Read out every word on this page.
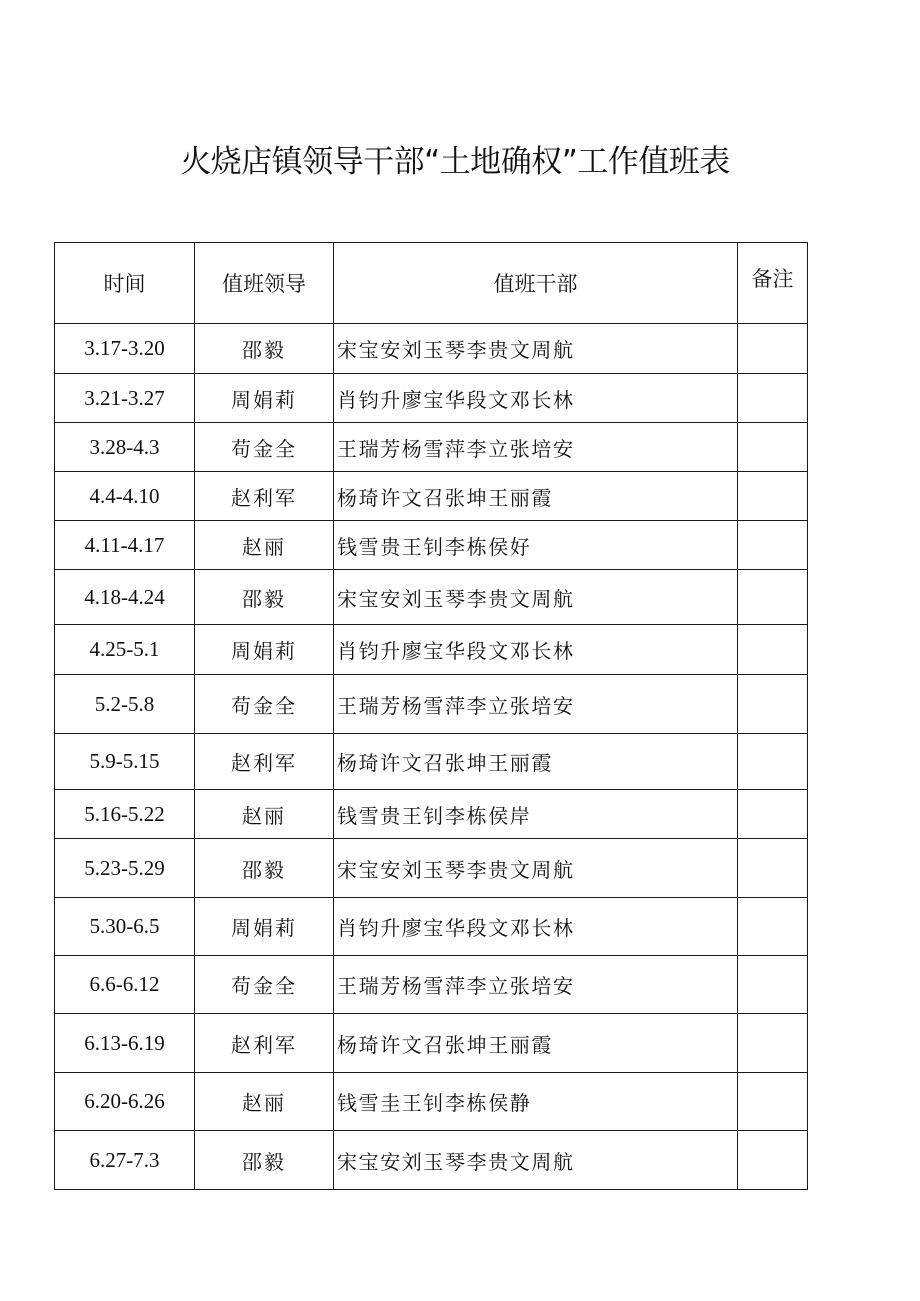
火烧店镇领导干部“土地确权”工作值班表
时间	值班领导	值班干部	备注
3.17-3.20	邵毅	宋宝安刘玉琴李贵文周航	
3.21-3.27	周娟莉	肖钧升廖宝华段文邓长林	
3.28-4.3	苟金全	王瑞芳杨雪萍李立张培安	
4.4-4.10	赵利军	杨琦许文召张坤王丽霞	
4.11-4.17	赵丽	钱雪贵王钊李栋侯好	
4.18-4.24	邵毅	宋宝安刘玉琴李贵文周航	
4.25-5.1	周娟莉	肖钧升廖宝华段文邓长林	
5.2-5.8	苟金全	王瑞芳杨雪萍李立张培安	
5.9-5.15	赵利军	杨琦许文召张坤王丽霞	
5.16-5.22	赵丽	钱雪贵王钊李栋侯岸	
5.23-5.29	邵毅	宋宝安刘玉琴李贵文周航	
5.30-6.5	周娟莉	肖钧升廖宝华段文邓长林	
6.6-6.12	苟金全	王瑞芳杨雪萍李立张培安	
6.13-6.19	赵利军	杨琦许文召张坤王丽霞	
6.20-6.26	赵丽	钱雪圭王钊李栋侯静	
6.27-7.3	邵毅	宋宝安刘玉琴李贵文周航	
